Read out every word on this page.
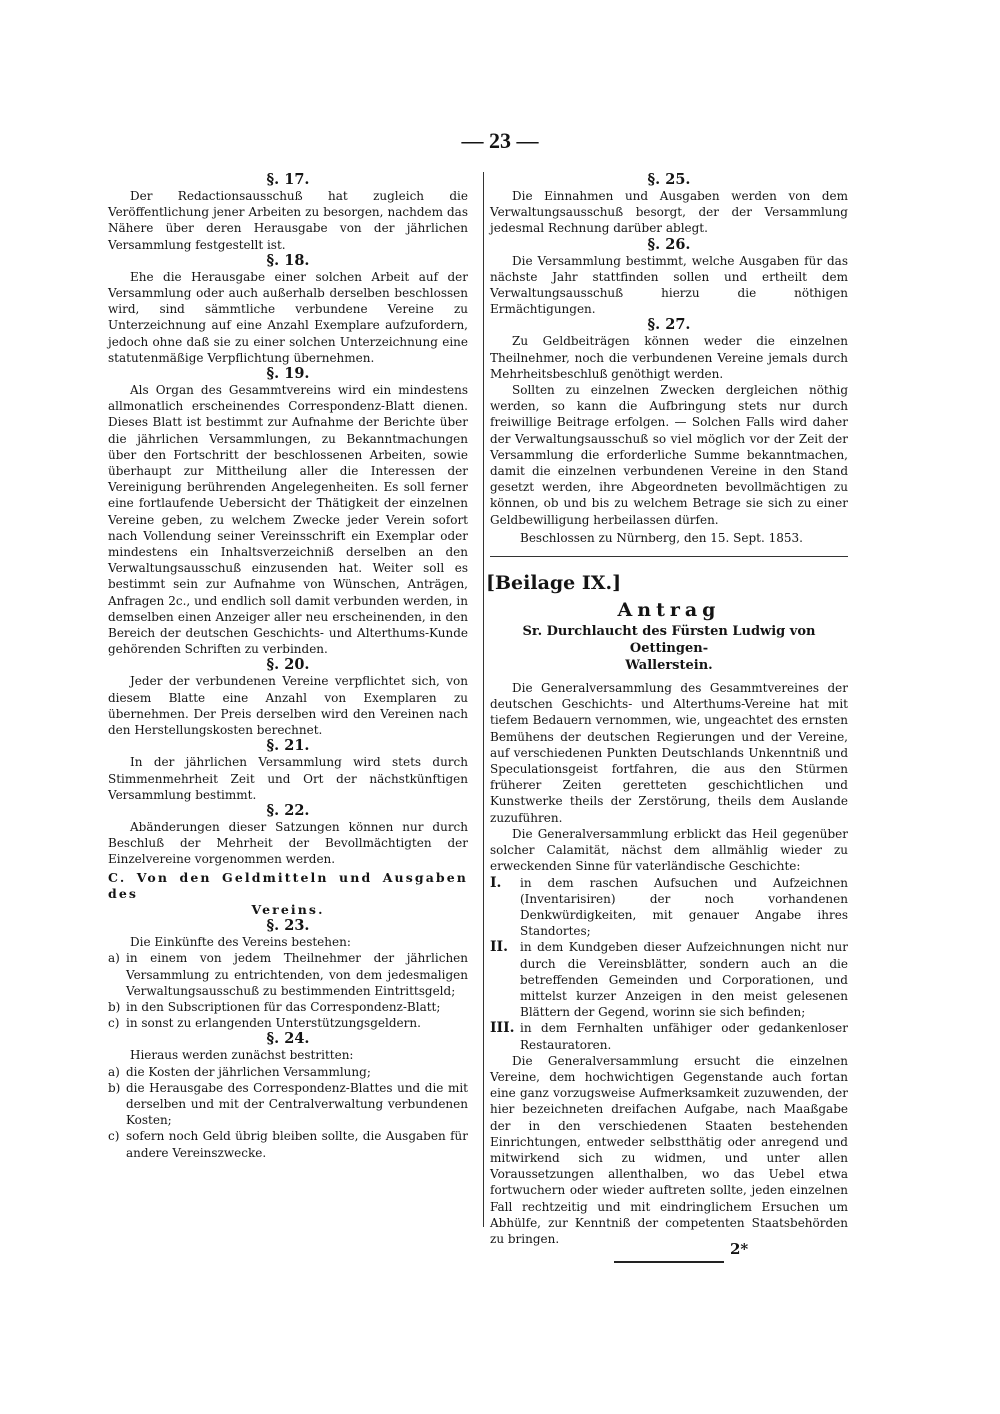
— 23 —
§. 17.

Der Redactionsausschuß hat zugleich die Veröffentlichung jener Arbeiten zu besorgen, nachdem das Nähere über deren Herausgabe von der jährlichen Versammlung festgestellt ist.

§. 18.

Ehe die Herausgabe einer solchen Arbeit auf der Versammlung oder auch außerhalb derselben beschlossen wird, sind sämmtliche verbundene Vereine zu Unterzeichnung auf eine Anzahl Exemplare aufzufordern, jedoch ohne daß sie zu einer solchen Unterzeichnung eine statutenmäßige Verpflichtung übernehmen.

§. 19.

Als Organ des Gesammtvereins wird ein mindestens allmonatlich erscheinendes Correspondenz-Blatt dienen. Dieses Blatt ist bestimmt zur Aufnahme der Berichte über die jährlichen Versammlungen, zu Bekanntmachungen über den Fortschritt der beschlossenen Arbeiten, sowie überhaupt zur Mittheilung aller die Interessen der Vereinigung berührenden Angelegenheiten. Es soll ferner eine fortlaufende Uebersicht der Thätigkeit der einzelnen Vereine geben, zu welchem Zwecke jeder Verein sofort nach Vollendung seiner Vereinsschrift ein Exemplar oder mindestens ein Inhaltsverzeichniß derselben an den Verwaltungsausschuß einzusenden hat. Weiter soll es bestimmt sein zur Aufnahme von Wünschen, Anträgen, Anfragen 2c., und endlich soll damit verbunden werden, in demselben einen Anzeiger aller neu erscheinenden, in den Bereich der deutschen Geschichts- und Alterthums-Kunde gehörenden Schriften zu verbinden.

§. 20.

Jeder der verbundenen Vereine verpflichtet sich, von diesem Blatte eine Anzahl von Exemplaren zu übernehmen. Der Preis derselben wird den Vereinen nach den Herstellungskosten berechnet.

§. 21.

In der jährlichen Versammlung wird stets durch Stimmenmehrheit Zeit und Ort der nächstkünftigen Versammlung bestimmt.

§. 22.

Abänderungen dieser Satzungen können nur durch Beschluß der Mehrheit der Bevollmächtigten der Einzelvereine vorgenommen werden.

C. Von den Geldmitteln und Ausgaben des
Vereins.
§. 23.

Die Einkünfte des Vereins bestehen:

a) in einem von jedem Theilnehmer der jährlichen Versammlung zu entrichtenden, von dem jedesmaligen Verwaltungsausschuß zu bestimmenden Eintrittsgeld;
b) in den Subscriptionen für das Correspondenz-Blatt;
c) in sonst zu erlangenden Unterstützungsgeldern.
§. 24.

Hieraus werden zunächst bestritten:

a) die Kosten der jährlichen Versammlung;
b) die Herausgabe des Correspondenz-Blattes und die mit derselben und mit der Centralverwaltung verbundenen Kosten;
c) sofern noch Geld übrig bleiben sollte, die Ausgaben für andere Vereinszwecke.
§. 25.

Die Einnahmen und Ausgaben werden von dem Verwaltungsausschuß besorgt, der der Versammlung jedesmal Rechnung darüber ablegt.

§. 26.

Die Versammlung bestimmt, welche Ausgaben für das nächste Jahr stattfinden sollen und ertheilt dem Verwaltungsausschuß hierzu die nöthigen Ermächtigungen.

§. 27.

Zu Geldbeiträgen können weder die einzelnen Theilnehmer, noch die verbundenen Vereine jemals durch Mehrheitsbeschluß genöthigt werden.

Sollten zu einzelnen Zwecken dergleichen nöthig werden, so kann die Aufbringung stets nur durch freiwillige Beitrage erfolgen. — Solchen Falls wird daher der Verwaltungsausschuß so viel möglich vor der Zeit der Versammlung die erforderliche Summe bekanntmachen, damit die einzelnen verbundenen Vereine in den Stand gesetzt werden, ihre Abgeordneten bevollmächtigen zu können, ob und bis zu welchem Betrage sie sich zu einer Geldbewilligung herbeilassen dürfen.

Beschlossen zu Nürnberg, den 15. Sept. 1853.

[Beilage IX.]
Antrag
Sr. Durchlaucht des Fürsten Ludwig von Oettingen-
Wallerstein.

Die Generalversammlung des Gesammtvereines der deutschen Geschichts- und Alterthums-Vereine hat mit tiefem Bedauern vernommen, wie, ungeachtet des ernsten Bemühens der deutschen Regierungen und der Vereine, auf verschiedenen Punkten Deutschlands Unkenntniß und Speculationsgeist fortfahren, die aus den Stürmen früherer Zeiten geretteten geschichtlichen und Kunstwerke theils der Zerstörung, theils dem Auslande zuzuführen.

Die Generalversammlung erblickt das Heil gegenüber solcher Calamität, nächst dem allmählig wieder zu erweckenden Sinne für vaterländische Geschichte:

I.	in dem raschen Aufsuchen und Aufzeichnen (Inventarisiren) der noch vorhandenen Denkwürdigkeiten, mit genauer Angabe ihres Standortes;
II.	in dem Kundgeben dieser Aufzeichnungen nicht nur durch die Vereinsblätter, sondern auch an die betreffenden Gemeinden und Corporationen, und mittelst kurzer Anzeigen in den meist gelesenen Blättern der Gegend, worinn sie sich befinden;
III. in dem Fernhalten unfähiger oder gedankenloser Restauratoren.

Die Generalversammlung ersucht die einzelnen Vereine, dem hochwichtigen Gegenstande auch fortan eine ganz vorzugsweise Aufmerksamkeit zuzuwenden, der hier bezeichneten dreifachen Aufgabe, nach Maaßgabe der in den verschiedenen Staaten bestehenden Einrichtungen, entweder selbstthätig oder anregend und mitwirkend sich zu widmen, und unter allen Voraussetzungen allenthalben, wo das Uebel etwa fortwuchern oder wieder auftreten sollte, jeden einzelnen Fall rechtzeitig und mit eindringlichem Ersuchen um Abhülfe, zur Kenntniß der competenten Staatsbehörden zu bringen.

2*
